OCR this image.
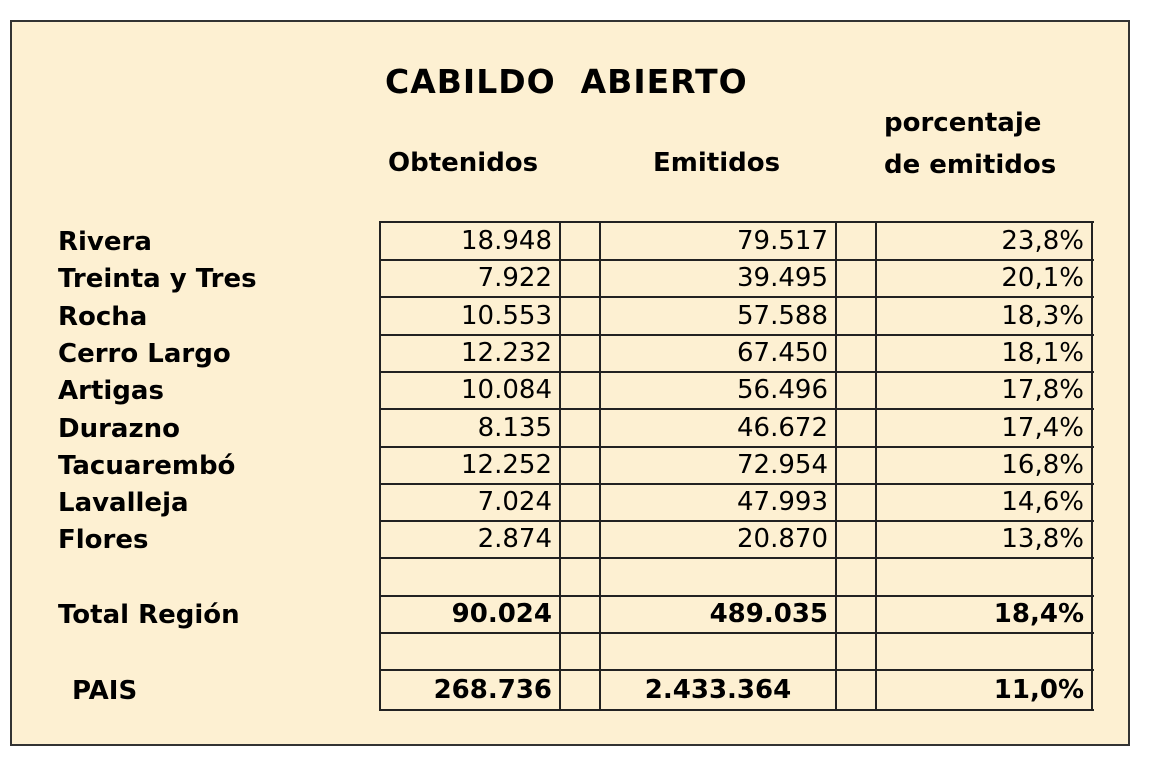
CABILDO  ABIERTO
Obtenidos	Emitidos
porcentaje
de emitidos
Rivera	18.948	79.517	23,8%
Treinta y Tres	7.922	39.495	20,1%
Rocha	10.553	57.588	18,3%
Cerro Largo	12.232	67.450	18,1%
Artigas	10.084	56.496	17,8%
Durazno	8.135	46.672	17,4%
Tacuarembó	12.252	72.954	16,8%
Lavalleja	7.024	47.993	14,6%
Flores	2.874	20.870	13,8%
Total Región	90.024	489.035	18,4%
PAIS	268.736	2.433.364	11,0%
